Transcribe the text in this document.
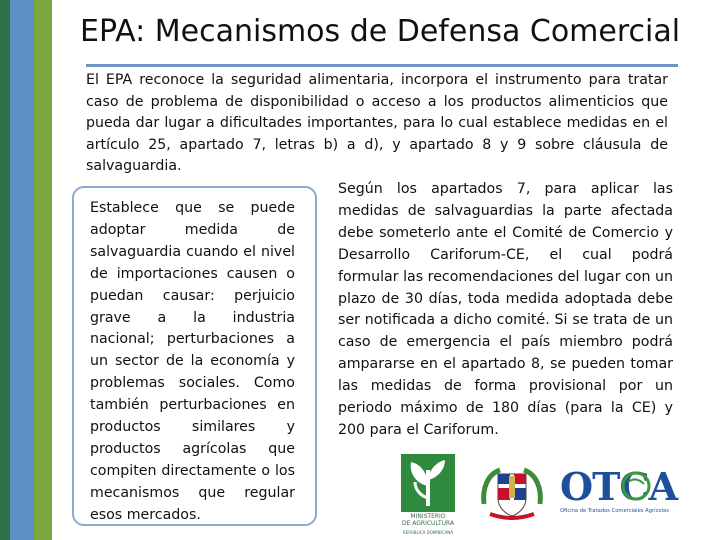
EPA: Mecanismos de Defensa Comercial
El EPA reconoce la seguridad alimentaria, incorpora el instrumento para tratar caso de problema de disponibilidad o acceso a los productos alimenticios que pueda dar lugar a dificultades importantes, para lo cual establece medidas en el artículo 25, apartado 7, letras b) a d), y apartado 8 y 9 sobre cláusula de salvaguardia.
Establece que se puede adoptar medida de salvaguardia cuando el nivel de importaciones causen o puedan causar: perjuicio grave a la industria nacional; perturbaciones a un sector de la economía y problemas sociales. Como también perturbaciones en productos similares y productos agrícolas que compiten directamente o los mecanismos que regular esos mercados.
Según los apartados 7, para aplicar las medidas de salvaguardias la parte afectada debe someterlo ante el Comité de Comercio y Desarrollo Cariforum-CE, el cual podrá formular las recomendaciones del lugar con un plazo de 30 días, toda medida adoptada debe ser notificada a dicho comité. Si se trata de un caso de emergencia el país miembro podrá ampararse en el apartado 8, se pueden tomar las medidas de forma provisional por un periodo máximo de 180 días (para la CE) y 200 para el Cariforum.
MINISTERIO
DE AGRICULTURA
REPÚBLICA DOMINICANA
OTCA
Oficina de Tratados Comerciales Agrícolas
